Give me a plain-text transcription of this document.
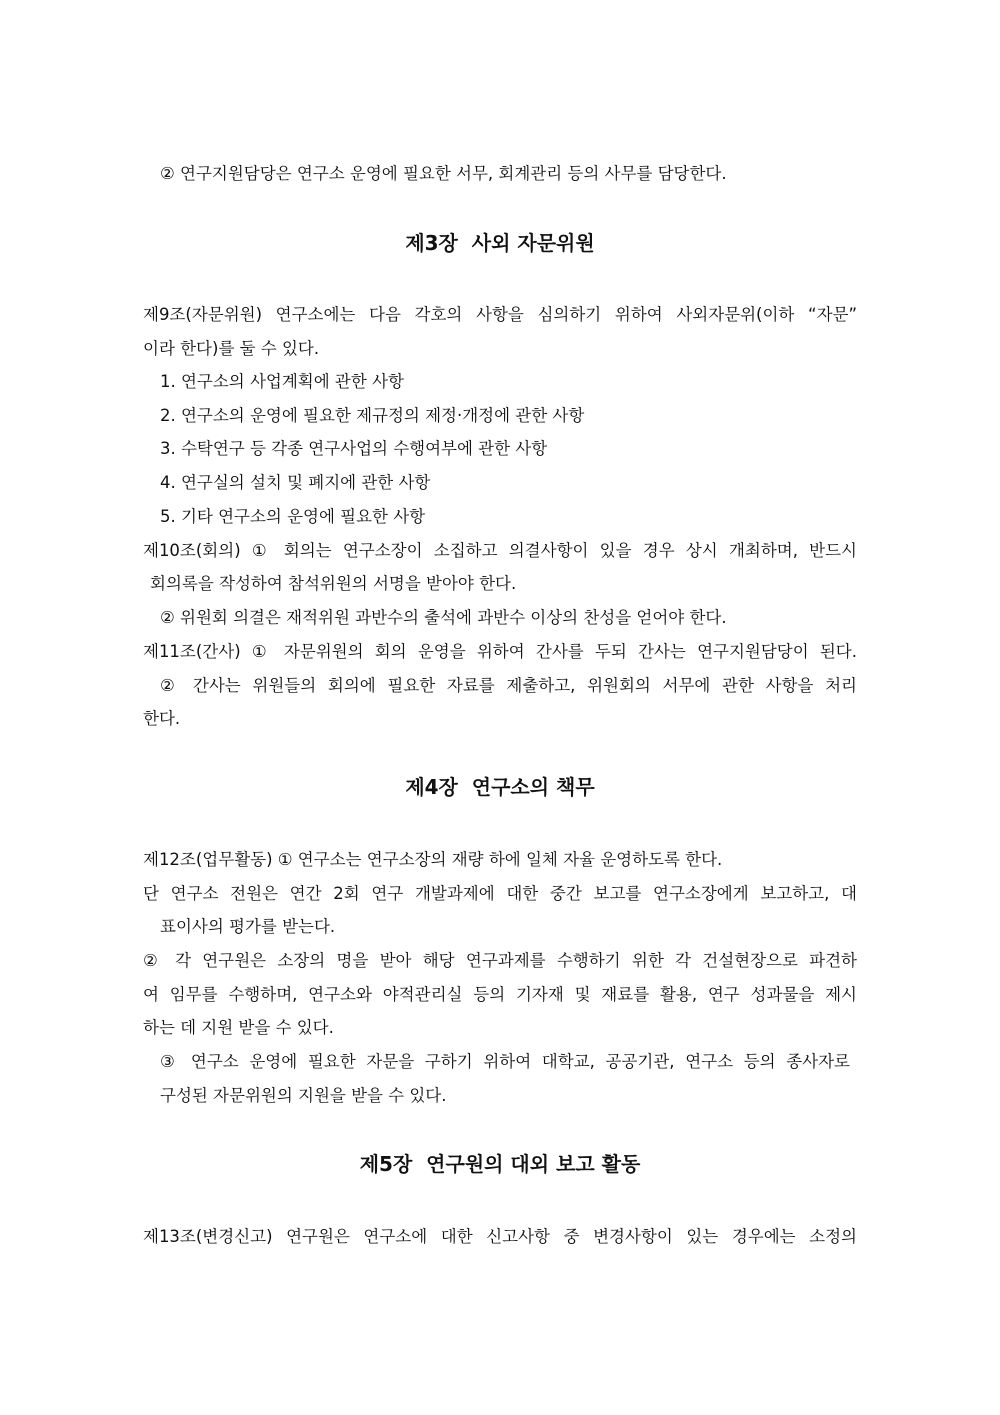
② 연구지원담당은 연구소 운영에 필요한 서무, 회계관리 등의 사무를 담당한다.
제3장  사외 자문위원
제9조(자문위원) 연구소에는 다음 각호의 사항을 심의하기 위하여 사외자문위(이하 “자문”
이라 한다)를 둘 수 있다.
1. 연구소의 사업계획에 관한 사항
2. 연구소의 운영에 필요한 제규정의 제정·개정에 관한 사항
3. 수탁연구 등 각종 연구사업의 수행여부에 관한 사항
4. 연구실의 설치 및 폐지에 관한 사항
5. 기타 연구소의 운영에 필요한 사항
제10조(회의) ① 회의는 연구소장이 소집하고 의결사항이 있을 경우 상시 개최하며, 반드시
회의록을 작성하여 참석위원의 서명을 받아야 한다.
② 위원회 의결은 재적위원 과반수의 출석에 과반수 이상의 찬성을 얻어야 한다.
제11조(간사) ① 자문위원의 회의 운영을 위하여 간사를 두되 간사는 연구지원담당이 된다.
② 간사는 위원들의 회의에 필요한 자료를 제출하고, 위원회의 서무에 관한 사항을 처리
한다.
제4장  연구소의 책무
제12조(업무활동) ① 연구소는 연구소장의 재량 하에 일체 자율 운영하도록 한다.
단 연구소 전원은 연간 2회 연구 개발과제에 대한 중간 보고를 연구소장에게 보고하고, 대
표이사의 평가를 받는다.
② 각 연구원은 소장의 명을 받아 해당 연구과제를 수행하기 위한 각 건설현장으로 파견하
여 임무를 수행하며, 연구소와 야적관리실 등의 기자재 및 재료를 활용, 연구 성과물을 제시
하는 데 지원 받을 수 있다.
③ 연구소 운영에 필요한 자문을 구하기 위하여 대학교, 공공기관, 연구소 등의 종사자로
구성된 자문위원의 지원을 받을 수 있다.
제5장  연구원의 대외 보고 활동
제13조(변경신고) 연구원은 연구소에 대한 신고사항 중 변경사항이 있는 경우에는 소정의
